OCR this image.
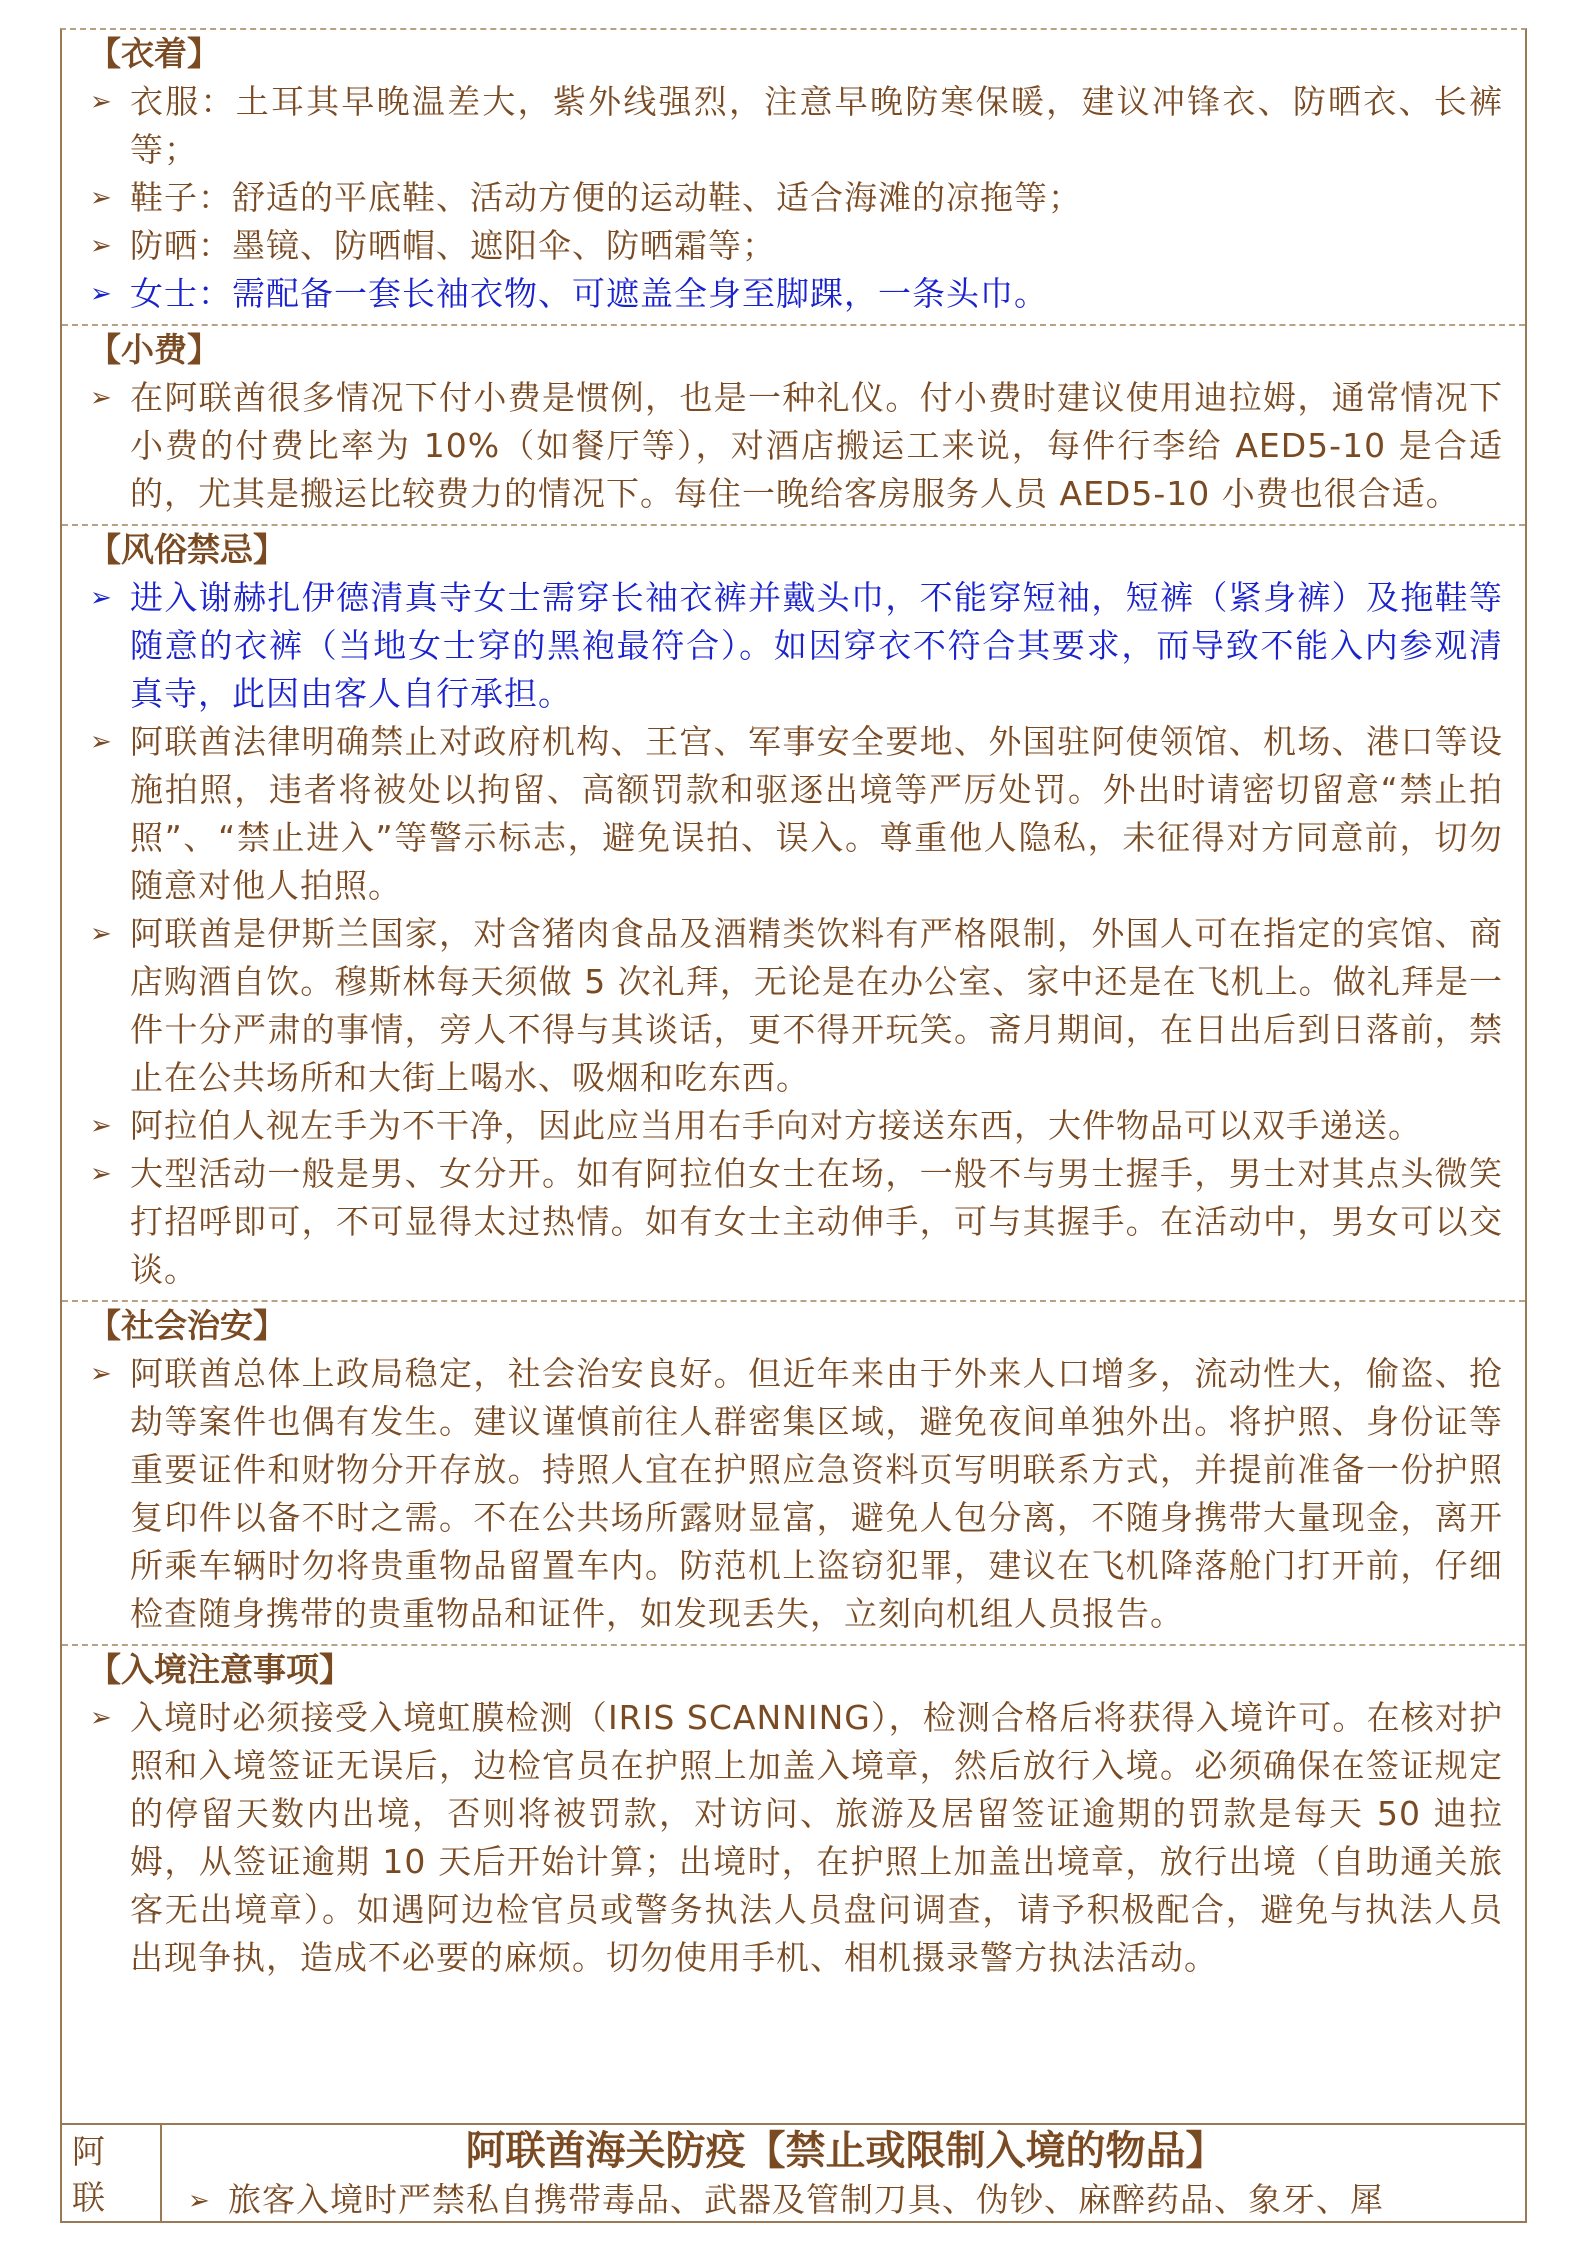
【衣着】
➢ 衣服：土耳其早晚温差大，紫外线强烈，注意早晚防寒保暖，建议冲锋衣、防晒衣、长裤等；
➢ 鞋子：舒适的平底鞋、活动方便的运动鞋、适合海滩的凉拖等；
➢ 防晒：墨镜、防晒帽、遮阳伞、防晒霜等；
➢ 女士：需配备一套长袖衣物、可遮盖全身至脚踝，一条头巾。
【小费】
➢ 在阿联酋很多情况下付小费是惯例，也是一种礼仪。付小费时建议使用迪拉姆，通常情况下小费的付费比率为 10%（如餐厅等），对酒店搬运工来说，每件行李给 AED5-10 是合适的，尤其是搬运比较费力的情况下。每住一晚给客房服务人员 AED5-10 小费也很合适。
【风俗禁忌】
➢ 进入谢赫扎伊德清真寺女士需穿长袖衣裤并戴头巾，不能穿短袖，短裤（紧身裤）及拖鞋等随意的衣裤（当地女士穿的黑袍最符合）。如因穿衣不符合其要求，而导致不能入内参观清真寺，此因由客人自行承担。
➢ 阿联酋法律明确禁止对政府机构、王宫、军事安全要地、外国驻阿使领馆、机场、港口等设施拍照，违者将被处以拘留、高额罚款和驱逐出境等严厉处罚。外出时请密切留意“禁止拍照”、“禁止进入”等警示标志，避免误拍、误入。尊重他人隐私，未征得对方同意前，切勿随意对他人拍照。
➢ 阿联酋是伊斯兰国家，对含猪肉食品及酒精类饮料有严格限制，外国人可在指定的宾馆、商店购酒自饮。穆斯林每天须做 5 次礼拜，无论是在办公室、家中还是在飞机上。做礼拜是一件十分严肃的事情，旁人不得与其谈话，更不得开玩笑。斋月期间，在日出后到日落前，禁止在公共场所和大街上喝水、吸烟和吃东西。
➢ 阿拉伯人视左手为不干净，因此应当用右手向对方接送东西，大件物品可以双手递送。
➢ 大型活动一般是男、女分开。如有阿拉伯女士在场，一般不与男士握手，男士对其点头微笑打招呼即可，不可显得太过热情。如有女士主动伸手，可与其握手。在活动中，男女可以交谈。
【社会治安】
➢ 阿联酋总体上政局稳定，社会治安良好。但近年来由于外来人口增多，流动性大，偷盗、抢劫等案件也偶有发生。建议谨慎前往人群密集区域，避免夜间单独外出。将护照、身份证等重要证件和财物分开存放。持照人宜在护照应急资料页写明联系方式，并提前准备一份护照复印件以备不时之需。不在公共场所露财显富，避免人包分离，不随身携带大量现金，离开所乘车辆时勿将贵重物品留置车内。防范机上盗窃犯罪，建议在飞机降落舱门打开前，仔细检查随身携带的贵重物品和证件，如发现丢失，立刻向机组人员报告。
【入境注意事项】
➢ 入境时必须接受入境虹膜检测（IRIS SCANNING），检测合格后将获得入境许可。在核对护照和入境签证无误后，边检官员在护照上加盖入境章，然后放行入境。必须确保在签证规定的停留天数内出境，否则将被罚款，对访问、旅游及居留签证逾期的罚款是每天 50 迪拉姆，从签证逾期 10 天后开始计算；出境时，在护照上加盖出境章，放行出境（自助通关旅客无出境章）。如遇阿边检官员或警务执法人员盘问调查，请予积极配合，避免与执法人员出现争执，造成不必要的麻烦。切勿使用手机、相机摄录警方执法活动。
阿
联
阿联酋海关防疫【禁止或限制入境的物品】
➢ 旅客入境时严禁私自携带毒品、武器及管制刀具、伪钞、麻醉药品、象牙、犀
